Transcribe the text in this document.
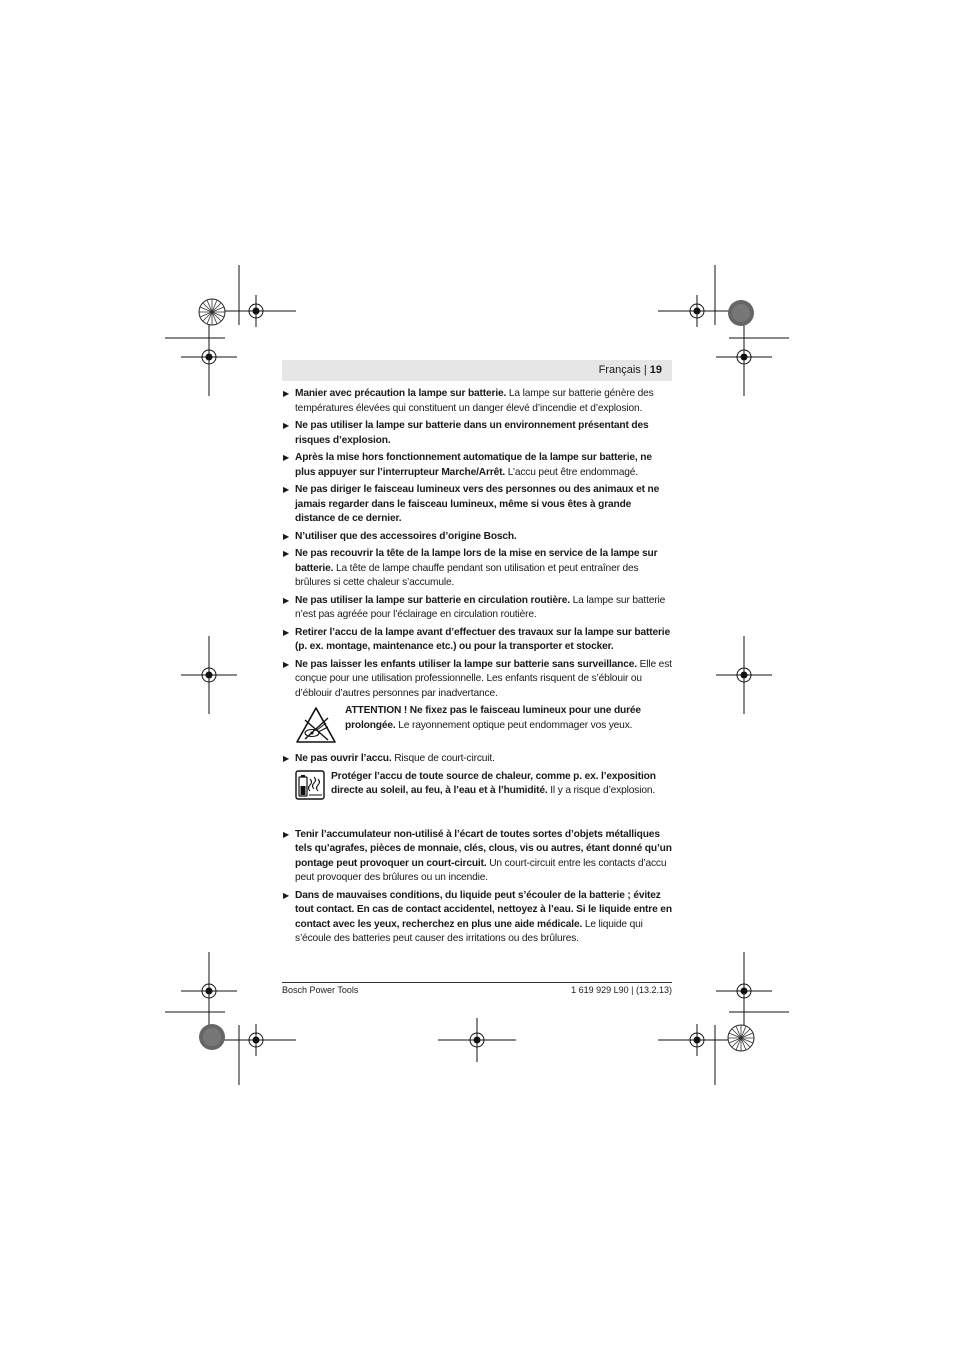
Français | 19
▶ Manier avec précaution la lampe sur batterie. La lampe sur batterie génère des températures élevées qui constituent un danger élevé d’incendie et d’explosion.
▶ Ne pas utiliser la lampe sur batterie dans un environnement présentant des risques d’explosion.
▶ Après la mise hors fonctionnement automatique de la lampe sur batterie, ne plus appuyer sur l’interrupteur Marche/Arrêt. L’accu peut être endommagé.
▶ Ne pas diriger le faisceau lumineux vers des personnes ou des animaux et ne jamais regarder dans le faisceau lumineux, même si vous êtes à grande distance de ce dernier.
▶ N’utiliser que des accessoires d’origine Bosch.
▶ Ne pas recouvrir la tête de la lampe lors de la mise en service de la lampe sur batterie. La tête de lampe chauffe pendant son utilisation et peut entraîner des brûlures si cette chaleur s’accumule.
▶ Ne pas utiliser la lampe sur batterie en circulation routière. La lampe sur batterie n’est pas agréée pour l’éclairage en circulation routière.
▶ Retirer l’accu de la lampe avant d’effectuer des travaux sur la lampe sur batterie (p. ex. montage, maintenance etc.) ou pour la transporter et stocker.
▶ Ne pas laisser les enfants utiliser la lampe sur batterie sans surveillance. Elle est conçue pour une utilisation professionnelle. Les enfants risquent de s’éblouir ou d’éblouir d’autres personnes par inadvertance.
ATTENTION ! Ne fixez pas le faisceau lumineux pour une durée prolongée. Le rayonnement optique peut endommager vos yeux.
▶ Ne pas ouvrir l’accu. Risque de court-circuit.
Protéger l’accu de toute source de chaleur, comme p. ex. l’exposition directe au soleil, au feu, à l’eau et à l’humidité. Il y a risque d’explosion.
▶ Tenir l’accumulateur non-utilisé à l’écart de toutes sortes d’objets métalliques tels qu’agrafes, pièces de monnaie, clés, clous, vis ou autres, étant donné qu’un pontage peut provoquer un court-circuit. Un court-circuit entre les contacts d’accu peut provoquer des brûlures ou un incendie.
▶ Dans de mauvaises conditions, du liquide peut s’écouler de la batterie ; évitez tout contact. En cas de contact accidentel, nettoyez à l’eau. Si le liquide entre en contact avec les yeux, recherchez en plus une aide médicale. Le liquide qui s’écoule des batteries peut causer des irritations ou des brûlures.
Bosch Power Tools	1 619 929 L90 | (13.2.13)
